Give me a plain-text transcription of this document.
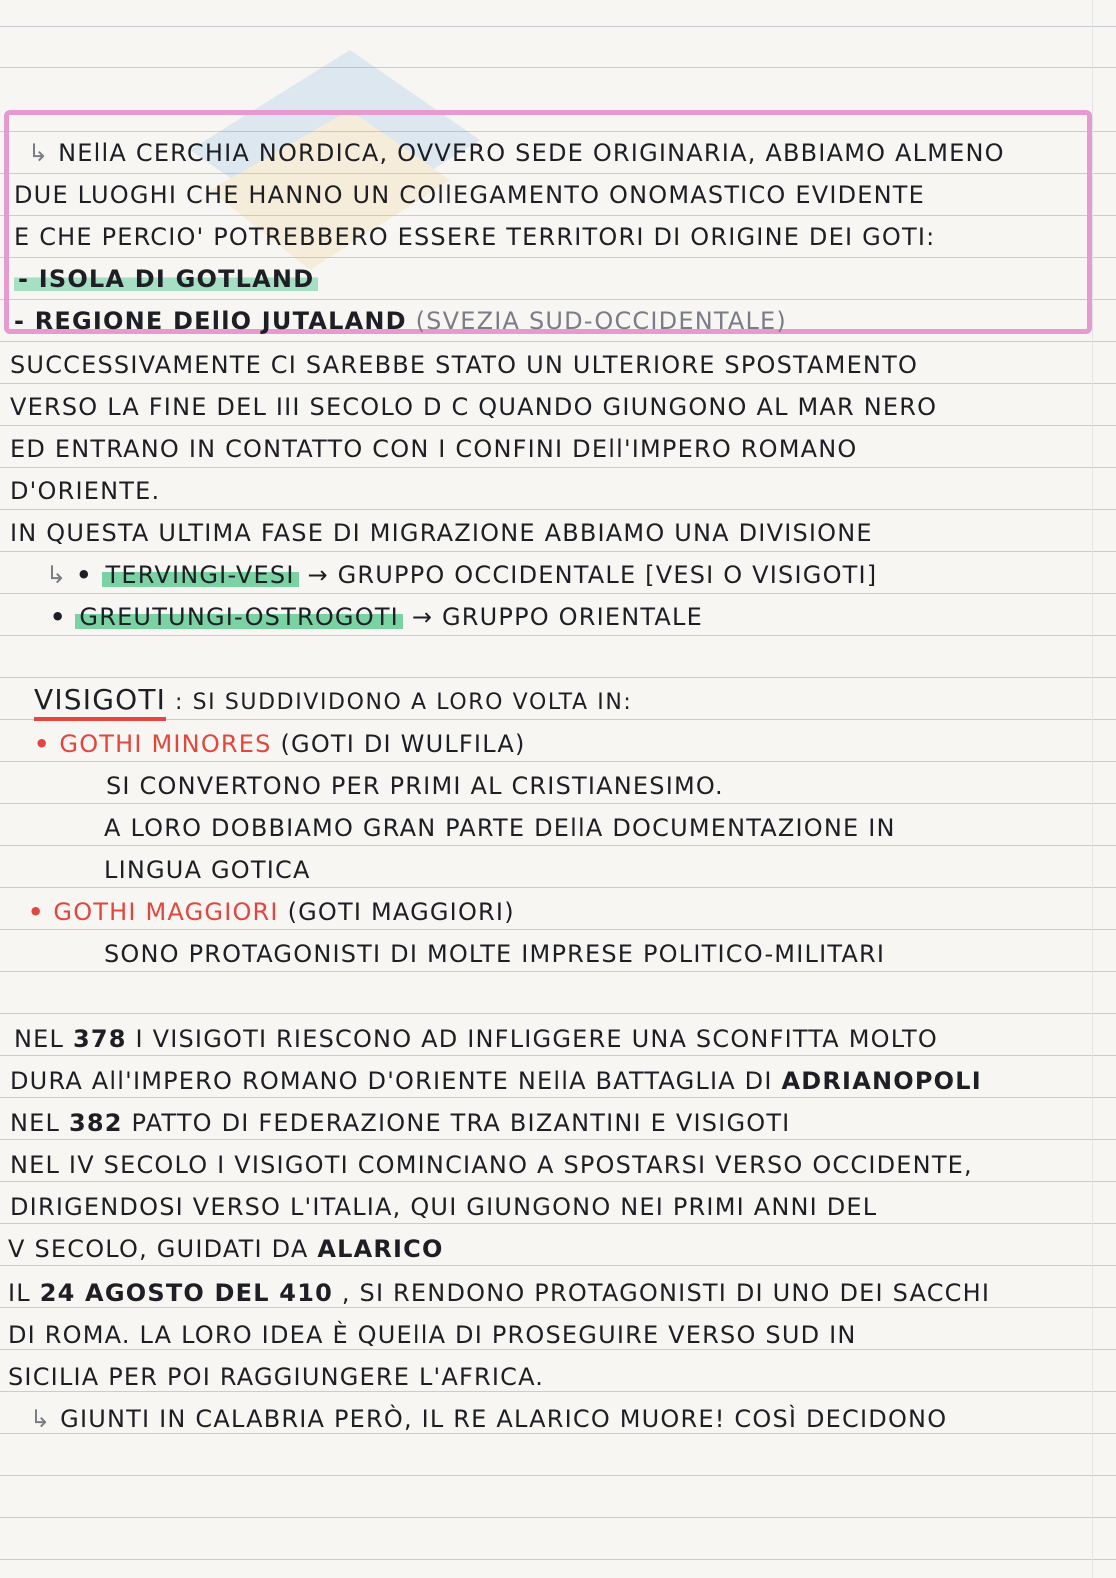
↳ NEllA CERCHIA NORDICA, OVVERO SEDE ORIGINARIA, ABBIAMO ALMENO
DUE LUOGHI CHE HANNO UN COllEGAMENTO ONOMASTICO EVIDENTE
E CHE PERCIO' POTREBBERO ESSERE TERRITORI DI ORIGINE DEI GOTI:
- ISOLA DI GOTLAND
- REGIONE DEllO JUTALAND (SVEZIA SUD-OCCIDENTALE)
SUCCESSIVAMENTE CI SAREBBE STATO UN ULTERIORE SPOSTAMENTO
VERSO LA FINE DEL III SECOLO D C QUANDO GIUNGONO AL MAR NERO
ED ENTRANO IN CONTATTO CON I CONFINI DEll'IMPERO ROMANO
D'ORIENTE.
IN QUESTA ULTIMA FASE DI MIGRAZIONE ABBIAMO UNA DIVISIONE
↳ • TERVINGI-VESI → GRUPPO OCCIDENTALE [VESI O VISIGOTI]
• GREUTUNGI-OSTROGOTI → GRUPPO ORIENTALE
VISIGOTI : SI SUDDIVIDONO A LORO VOLTA IN:
• GOTHI MINORES (GOTI DI WULFILA)
SI CONVERTONO PER PRIMI AL CRISTIANESIMO.
A LORO DOBBIAMO GRAN PARTE DEllA DOCUMENTAZIONE IN
LINGUA GOTICA
• GOTHI MAGGIORI (GOTI MAGGIORI)
SONO PROTAGONISTI DI MOLTE IMPRESE POLITICO-MILITARI
NEL 378 I VISIGOTI RIESCONO AD INFLIGGERE UNA SCONFITTA MOLTO
DURA All'IMPERO ROMANO D'ORIENTE NEllA BATTAGLIA DI ADRIANOPOLI
NEL 382 PATTO DI FEDERAZIONE TRA BIZANTINI E VISIGOTI
NEL IV SECOLO I VISIGOTI COMINCIANO A SPOSTARSI VERSO OCCIDENTE,
DIRIGENDOSI VERSO L'ITALIA, QUI GIUNGONO NEI PRIMI ANNI DEL
V SECOLO, GUIDATI DA ALARICO
IL 24 AGOSTO DEL 410 , SI RENDONO PROTAGONISTI DI UNO DEI SACCHI
DI ROMA. LA LORO IDEA È QUEllA DI PROSEGUIRE VERSO SUD IN
SICILIA PER POI RAGGIUNGERE L'AFRICA.
↳ GIUNTI IN CALABRIA PERÒ, IL RE ALARICO MUORE! COSÌ DECIDONO
